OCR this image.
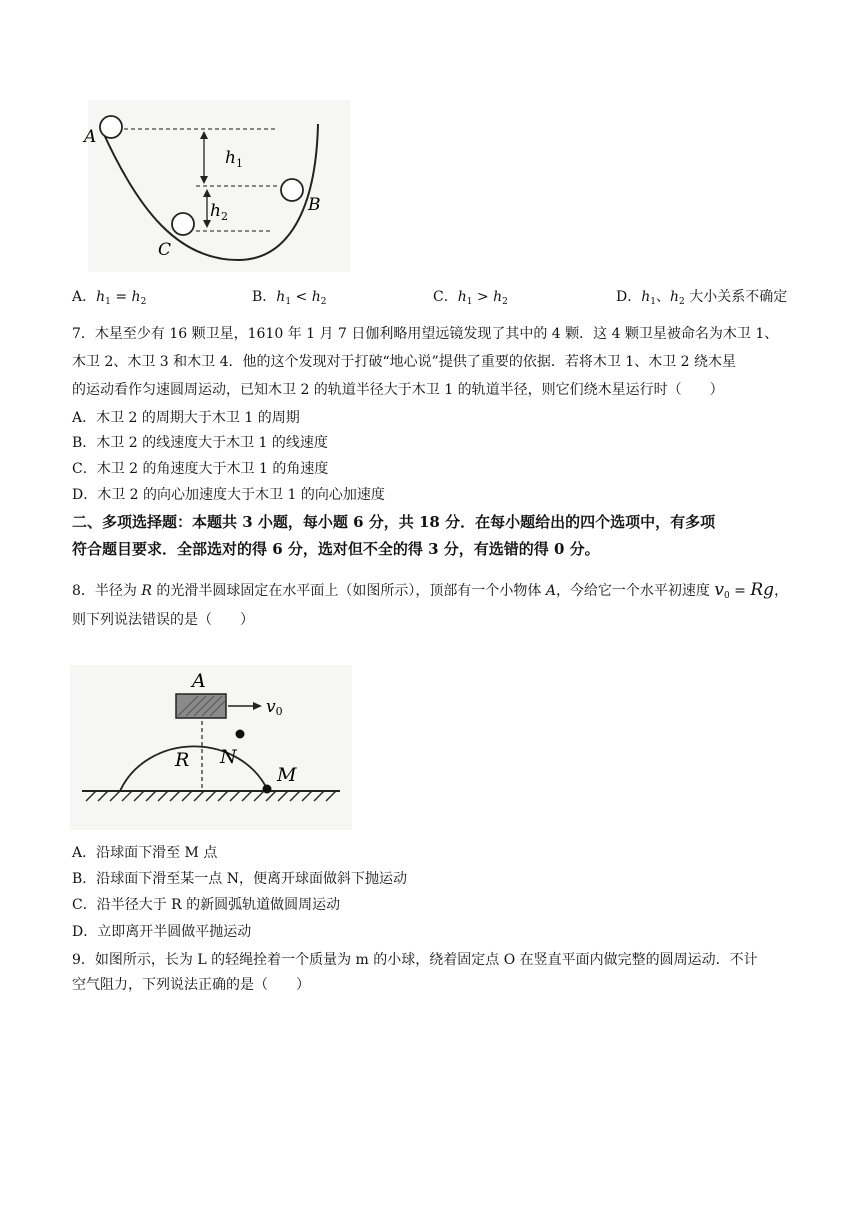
A
B
C
$h_1$
$h_2$
A．$h_1 = h_2$	B．$h_1 < h_2$	C．$h_1 > h_2$	D．$h_1$、$h_2$ 大小关系不确定
7．木星至少有 16 颗卫星，1610 年 1 月 7 日伽利略用望远镜发现了其中的 4 颗．这 4 颗卫星被命名为木卫 1、
木卫 2、木卫 3 和木卫 4．他的这个发现对于打破“地心说”提供了重要的依据．若将木卫 1、木卫 2 绕木星
的运动看作匀速圆周运动，已知木卫 2 的轨道半径大于木卫 1 的轨道半径，则它们绕木星运行时（　　）
A．木卫 2 的周期大于木卫 1 的周期
B．木卫 2 的线速度大于木卫 1 的线速度
C．木卫 2 的角速度大于木卫 1 的角速度
D．木卫 2 的向心加速度大于木卫 1 的向心加速度
二、多项选择题：本题共 3 小题，每小题 6 分，共 18 分．在每小题给出的四个选项中，有多项
符合题目要求．全部选对的得 6 分，选对但不全的得 3 分，有选错的得 0 分。
8．半径为 R 的光滑半圆球固定在水平面上（如图所示），顶部有一个小物体 A，今给它一个水平初速度 $v_0 = Rg$，
则下列说法错误的是（　　）
A
v0
R N
M
A．沿球面下滑至 M 点
B．沿球面下滑至某一点 N，便离开球面做斜下抛运动
C．沿半径大于 R 的新圆弧轨道做圆周运动
D．立即离开半圆做平抛运动
9．如图所示，长为 L 的轻绳拴着一个质量为 m 的小球，绕着固定点 O 在竖直平面内做完整的圆周运动．不计
空气阻力，下列说法正确的是（　　）
